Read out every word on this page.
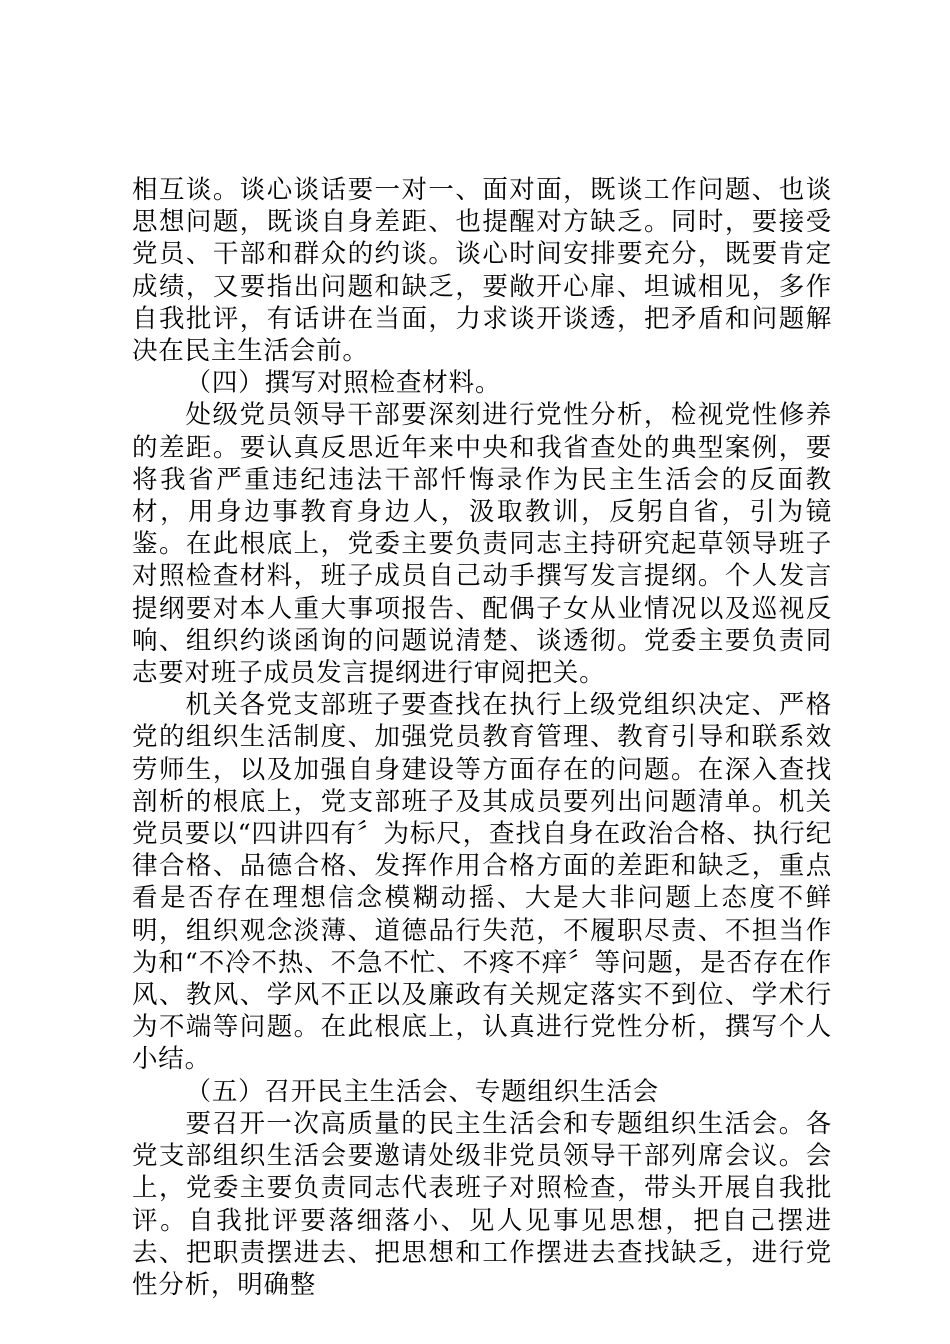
相互谈。谈心谈话要一对一、面对面，既谈工作问题、也谈思想问题，既谈自身差距、也提醒对方缺乏。同时，要接受党员、干部和群众的约谈。谈心时间安排要充分，既要肯定成绩，又要指出问题和缺乏，要敞开心扉、坦诚相见，多作自我批评，有话讲在当面，力求谈开谈透，把矛盾和问题解决在民主生活会前。

（四）撰写对照检查材料。

处级党员领导干部要深刻进行党性分析，检视党性修养的差距。要认真反思近年来中央和我省查处的典型案例，要将我省严重违纪违法干部忏悔录作为民主生活会的反面教材，用身边事教育身边人，汲取教训，反躬自省，引为镜鉴。在此根底上，党委主要负责同志主持研究起草领导班子对照检查材料，班子成员自己动手撰写发言提纲。个人发言提纲要对本人重大事项报告、配偶子女从业情况以及巡视反响、组织约谈函询的问题说清楚、谈透彻。党委主要负责同志要对班子成员发言提纲进行审阅把关。

机关各党支部班子要查找在执行上级党组织决定、严格党的组织生活制度、加强党员教育管理、教育引导和联系效劳师生，以及加强自身建设等方面存在的问题。在深入查找剖析的根底上，党支部班子及其成员要列出问题清单。机关党员要以“四讲四有〞为标尺，查找自身在政治合格、执行纪律合格、品德合格、发挥作用合格方面的差距和缺乏，重点看是否存在理想信念模糊动摇、大是大非问题上态度不鲜明，组织观念淡薄、道德品行失范，不履职尽责、不担当作为和“不冷不热、不急不忙、不疼不痒〞等问题，是否存在作风、教风、学风不正以及廉政有关规定落实不到位、学术行为不端等问题。在此根底上，认真进行党性分析，撰写个人小结。

（五）召开民主生活会、专题组织生活会

要召开一次高质量的民主生活会和专题组织生活会。各党支部组织生活会要邀请处级非党员领导干部列席会议。会上，党委主要负责同志代表班子对照检查，带头开展自我批评。自我批评要落细落小、见人见事见思想，把自己摆进去、把职责摆进去、把思想和工作摆进去查找缺乏，进行党性分析，明确整
